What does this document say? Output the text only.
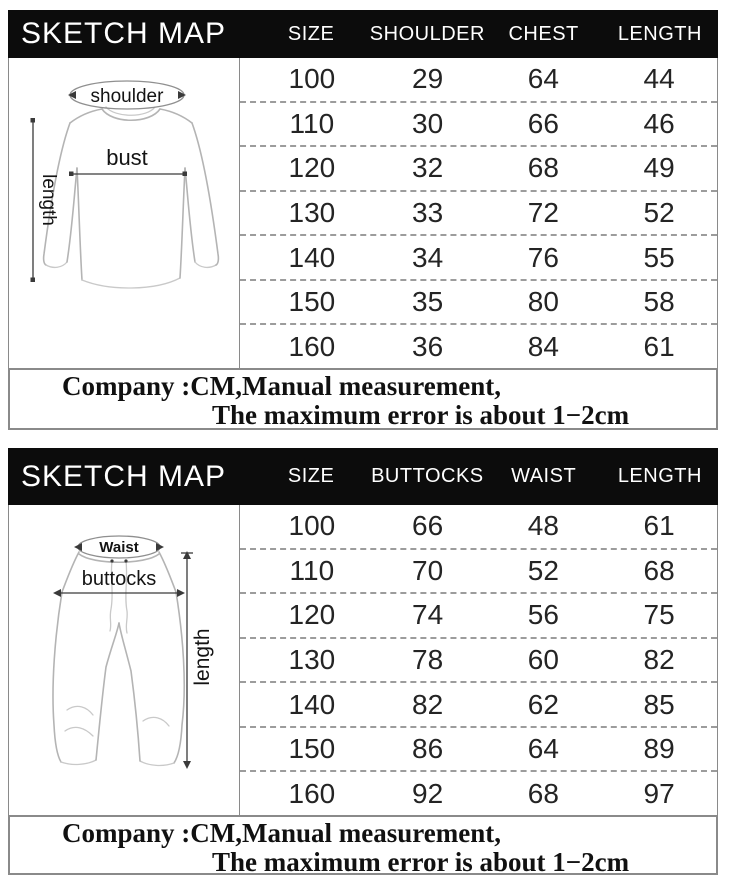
SKETCH MAP	SIZE	SHOULDER	CHEST	LENGTH
shoulder
bust
length
100	29	64	44
110	30	66	46
120	32	68	49
130	33	72	52
140	34	76	55
150	35	80	58
160	36	84	61
Company :CM,Manual measurement,
The maximum error is about 1−2cm
SKETCH MAP	SIZE	BUTTOCKS	WAIST	LENGTH
Waist
buttocks
length
100	66	48	61
110	70	52	68
120	74	56	75
130	78	60	82
140	82	62	85
150	86	64	89
160	92	68	97
Company :CM,Manual measurement,
The maximum error is about 1−2cm
